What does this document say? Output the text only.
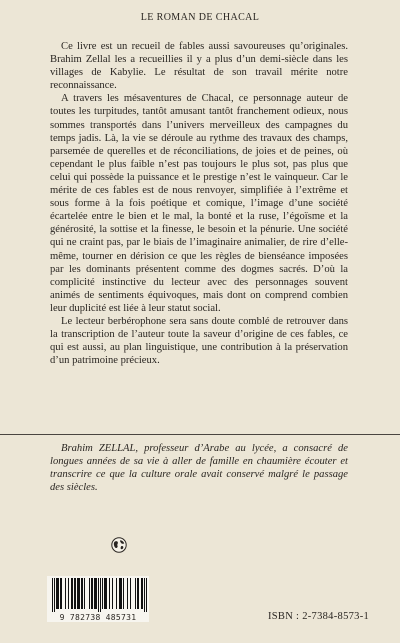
LE ROMAN DE CHACAL

Ce livre est un recueil de fables aussi savoureuses qu’originales. Brahim Zellal les a recueillies il y a plus d’un demi-siècle dans les villages de Kabylie. Le résultat de son travail mérite notre reconnaissance.

A travers les mésaventures de Chacal, ce personnage auteur de toutes les turpitudes, tantôt amusant tantôt franchement odieux, nous sommes transportés dans l’univers merveilleux des campagnes du temps jadis. Là, la vie se déroule au rythme des travaux des champs, parsemée de querelles et de réconciliations, de joies et de peines, où cependant le plus faible n’est pas toujours le plus sot, pas plus que celui qui possède la puissance et le prestige n’est le vainqueur. Car le mérite de ces fables est de nous renvoyer, simplifiée à l’extrême et sous forme à la fois poétique et comique, l’image d’une société écartelée entre le bien et le mal, la bonté et la ruse, l’égoïsme et la générosité, la sottise et la finesse, le besoin et la pénurie. Une société qui ne craint pas, par le biais de l’imaginaire animalier, de rire d’elle-même, tourner en dérision ce que les règles de bienséance imposées par les dominants présentent comme des dogmes sacrés. D’où la complicité instinctive du lecteur avec des personnages souvent animés de sentiments équivoques, mais dont on comprend combien leur duplicité est liée à leur statut social.

Le lecteur berbérophone sera sans doute comblé de retrouver dans la transcription de l’auteur toute la saveur d’origine de ces fables, ce qui est aussi, au plan linguistique, une contribution à la préservation d’un patrimoine précieux.

Brahim ZELLAL, professeur d’Arabe au lycée, a consacré de longues années de sa vie à aller de famille en chaumière écouter et transcrire ce que la culture orale avait conservé malgré le passage des siècles.

9 782738 485731	ISBN : 2-7384-8573-1
